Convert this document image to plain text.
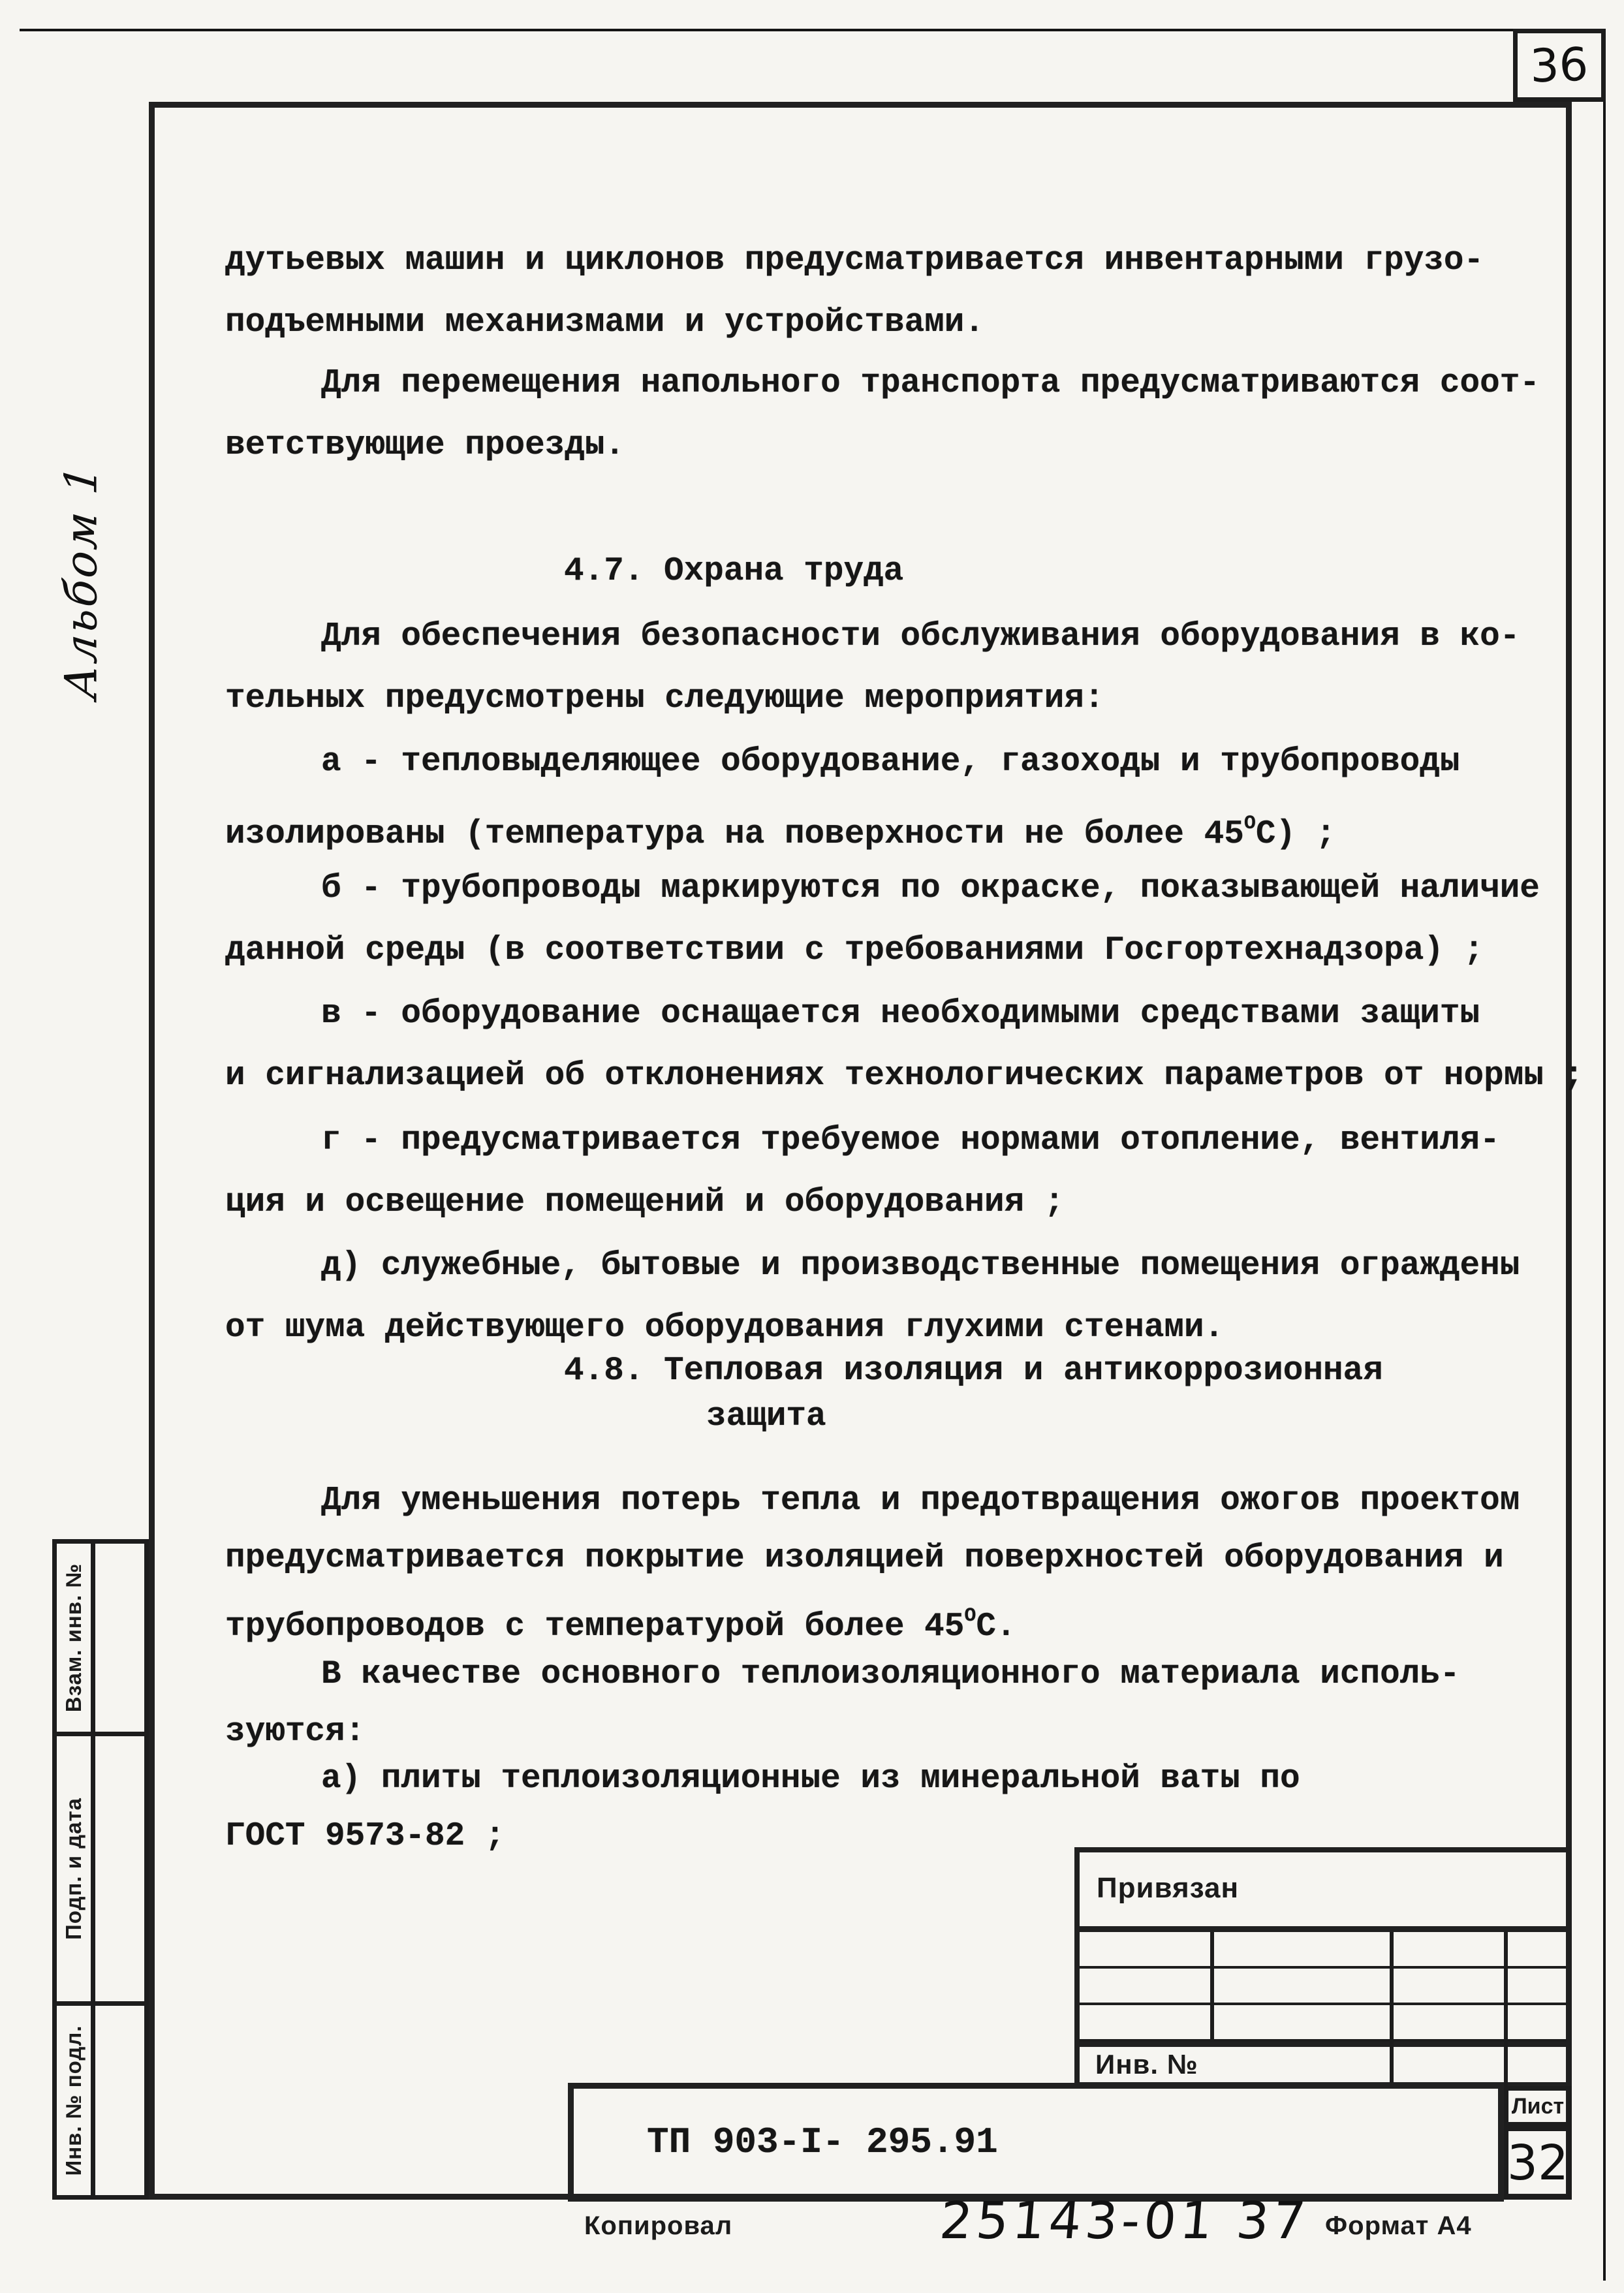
36
Альбом 1
дутьевых машин и циклонов предусматривается инвентарными грузо-
подъемными механизмами и устройствами.
Для перемещения напольного транспорта предусматриваются соот-
ветствующие проезды.
4.7. Охрана труда
Для обеспечения безопасности обслуживания оборудования в ко-
тельных предусмотрены следующие мероприятия:
а - тепловыделяющее оборудование, газоходы и трубопроводы
изолированы (температура на поверхности не более $45^ОС$) ;
б - трубопроводы маркируются по окраске, показывающей наличие
данной среды (в соответствии с требованиями Госгортехнадзора) ;
в - оборудование оснащается необходимыми средствами защиты
и сигнализацией об отклонениях технологических параметров от нормы ;
г - предусматривается требуемое нормами отопление, вентиля-
ция и освещение помещений и оборудования ;
д) служебные, бытовые и производственные помещения ограждены
от шума действующего оборудования глухими стенами.
4.8. Тепловая изоляция и антикоррозионная
защита
Для уменьшения потерь тепла и предотвращения ожогов проектом
предусматривается покрытие изоляцией поверхностей оборудования и
трубопроводов с температурой более $45^ОС$.
В качестве основного теплоизоляционного материала исполь-
зуются:
а) плиты теплоизоляционные из минеральной ваты по
ГОСТ 9573-82 ;
Взам. инв. №
Подп. и дата
Инв. № подл.
Привязан
Инв. №
ТП 903-I- 295.91
Лист
32
Копировал	25143-01 37 Формат А4
